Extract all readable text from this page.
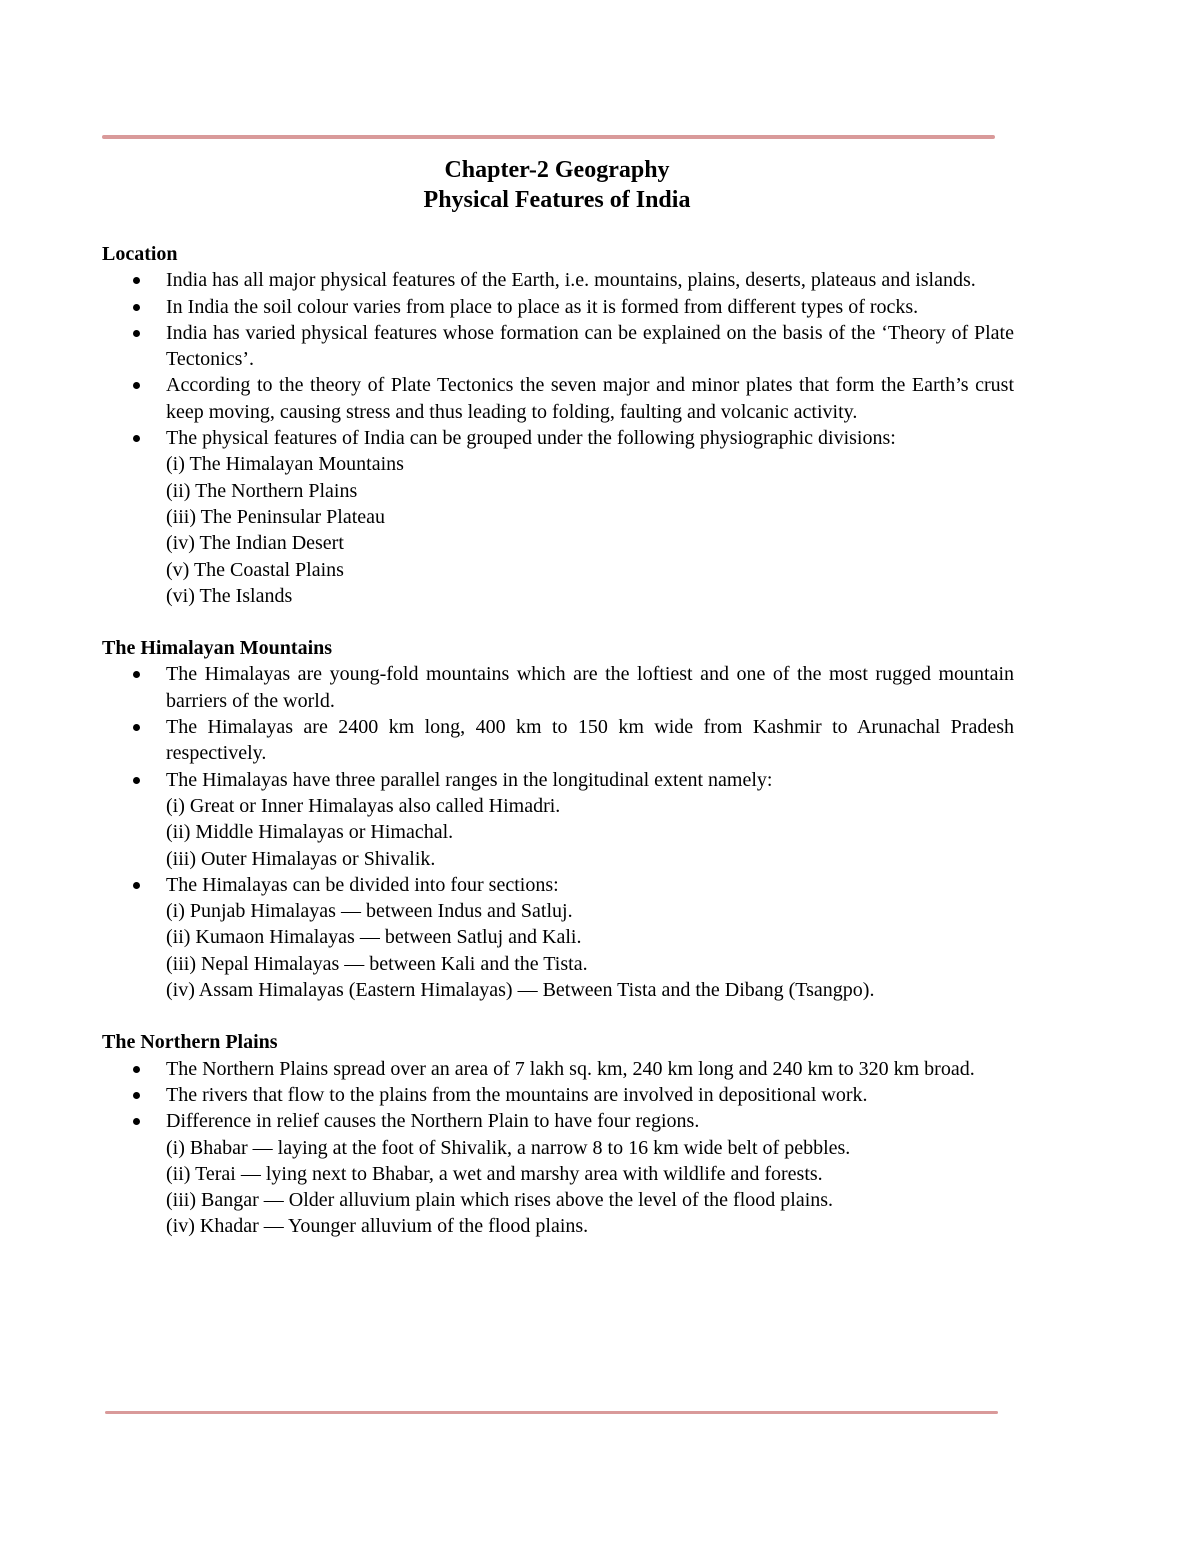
Chapter-2 Geography
Physical Features of India
Location
India has all major physical features of the Earth, i.e. mountains, plains, deserts, plateaus and islands.
In India the soil colour varies from place to place as it is formed from different types of rocks.
India has varied physical features whose formation can be explained on the basis of the ‘Theory of Plate Tectonics’.
According to the theory of Plate Tectonics the seven major and minor plates that form the Earth’s crust keep moving, causing stress and thus leading to folding, faulting and volcanic activity.
The physical features of India can be grouped under the following physiographic divisions:
(i) The Himalayan Mountains
(ii) The Northern Plains
(iii) The Peninsular Plateau
(iv) The Indian Desert
(v) The Coastal Plains
(vi) The Islands
The Himalayan Mountains
The Himalayas are young-fold mountains which are the loftiest and one of the most rugged mountain barriers of the world.
The Himalayas are 2400 km long, 400 km to 150 km wide from Kashmir to Arunachal Pradesh respectively.
The Himalayas have three parallel ranges in the longitudinal extent namely:
(i) Great or Inner Himalayas also called Himadri.
(ii) Middle Himalayas or Himachal.
(iii) Outer Himalayas or Shivalik.
The Himalayas can be divided into four sections:
(i) Punjab Himalayas — between Indus and Satluj.
(ii) Kumaon Himalayas — between Satluj and Kali.
(iii) Nepal Himalayas — between Kali and the Tista.
(iv) Assam Himalayas (Eastern Himalayas) — Between Tista and the Dibang (Tsangpo).
The Northern Plains
The Northern Plains spread over an area of 7 lakh sq. km, 240 km long and 240 km to 320 km broad.
The rivers that flow to the plains from the mountains are involved in depositional work.
Difference in relief causes the Northern Plain to have four regions.
(i) Bhabar — laying at the foot of Shivalik, a narrow 8 to 16 km wide belt of pebbles.
(ii) Terai — lying next to Bhabar, a wet and marshy area with wildlife and forests.
(iii) Bangar — Older alluvium plain which rises above the level of the flood plains.
(iv) Khadar — Younger alluvium of the flood plains.
